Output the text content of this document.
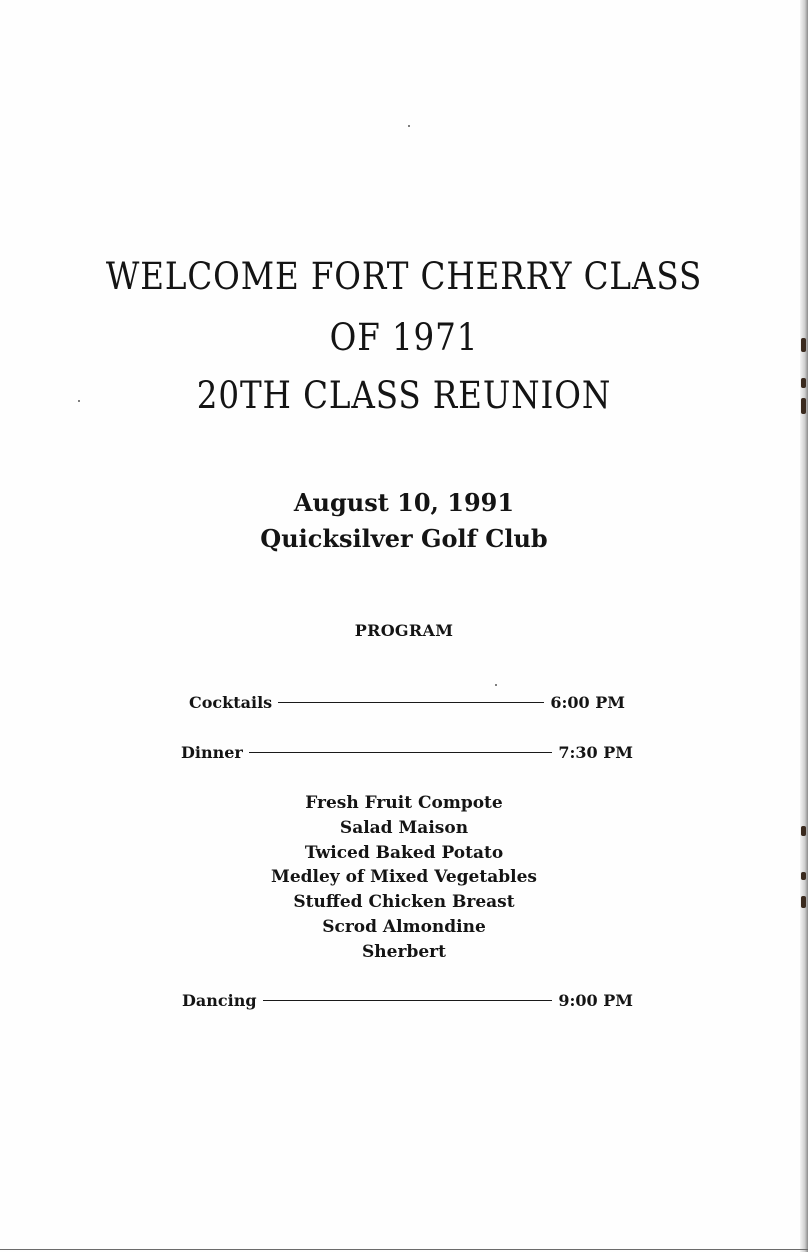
WELCOME FORT CHERRY CLASS
OF 1971
20TH CLASS REUNION
August 10, 1991
Quicksilver Golf Club
PROGRAM
Cocktails	6:00 PM
Dinner	7:30 PM
Fresh Fruit Compote
Salad Maison
Twiced Baked Potato
Medley of Mixed Vegetables
Stuffed Chicken Breast
Scrod Almondine
Sherbert
Dancing	9:00 PM
